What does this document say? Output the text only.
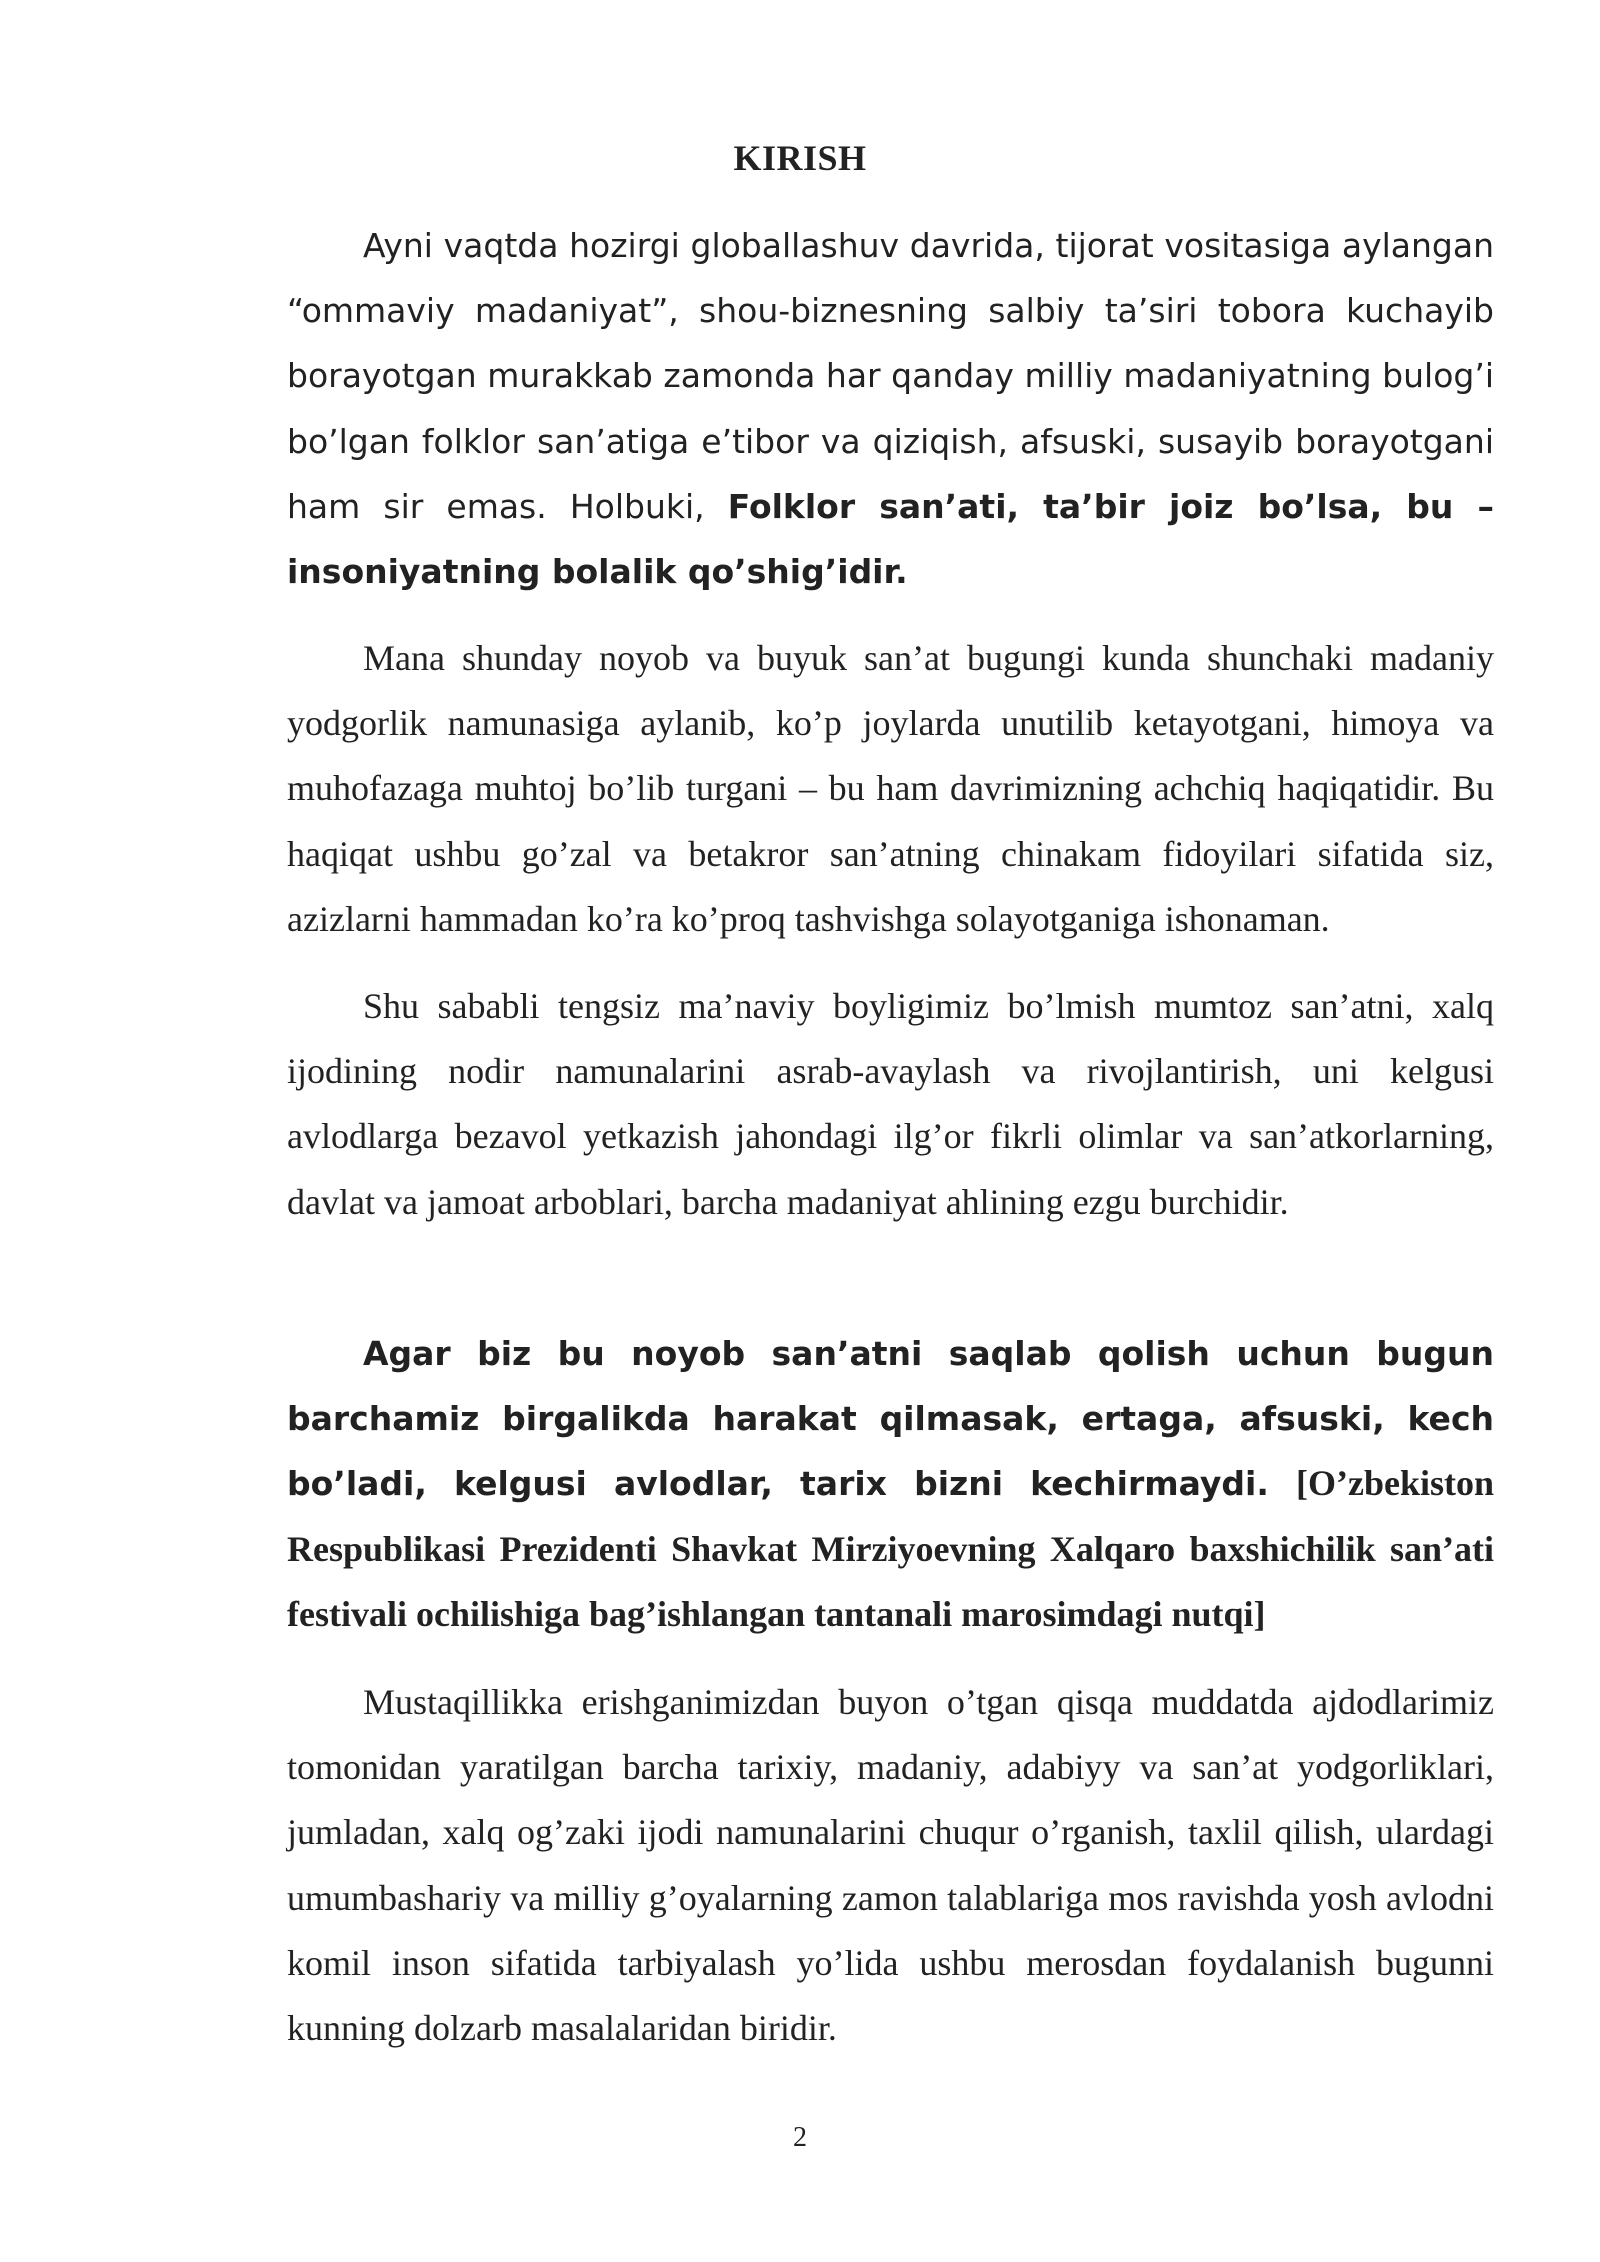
KIRISH

Ayni vaqtda hozirgi globallashuv davrida, tijorat vositasiga aylangan “ommaviy madaniyat”, shou-biznesning salbiy ta’siri tobora kuchayib borayotgan murakkab zamonda har qanday milliy madaniyatning bulog’i bo’lgan folklor san’atiga e’tibor va qiziqish, afsuski, susayib borayotgani ham sir emas. Holbuki, Folklor san’ati, ta’bir joiz bo’lsa, bu – insoniyatning bolalik qo’shig’idir.

Mana shunday noyob va buyuk san’at bugungi kunda shunchaki madaniy yodgorlik namunasiga aylanib, ko’p joylarda unutilib ketayotgani, himoya va muhofazaga muhtoj bo’lib turgani – bu ham davrimizning achchiq haqiqatidir. Bu haqiqat ushbu go’zal va betakror san’atning chinakam fidoyilari sifatida siz, azizlarni hammadan ko’ra ko’proq tashvishga solayotganiga ishonaman.

Shu sababli tengsiz ma’naviy boyligimiz bo’lmish mumtoz san’atni, xalq ijodining nodir namunalarini asrab-avaylash va rivojlantirish, uni kelgusi avlodlarga bezavol yetkazish jahondagi ilg’or fikrli olimlar va san’atkorlarning, davlat va jamoat arboblari, barcha madaniyat ahlining ezgu burchidir.

Agar biz bu noyob san’atni saqlab qolish uchun bugun barchamiz birgalikda harakat qilmasak, ertaga, afsuski, kech bo’ladi, kelgusi avlodlar, tarix bizni kechirmaydi. [O’zbekiston Respublikasi Prezidenti Shavkat Mirziyoevning Xalqaro baxshichilik san’ati festivali ochilishiga bag’ishlangan tantanali marosimdagi nutqi]

Mustaqillikka erishganimizdan buyon o’tgan qisqa muddatda ajdodlarimiz tomonidan yaratilgan barcha tarixiy, madaniy, adabiyy va san’at yodgorliklari, jumladan, xalq og’zaki ijodi namunalarini chuqur o’rganish, taxlil qilish, ulardagi umumbashariy va milliy g’oyalarning zamon talablariga mos ravishda yosh avlodni komil inson sifatida tarbiyalash yo’lida ushbu merosdan foydalanish bugunni kunning dolzarb masalalaridan biridir.

2
